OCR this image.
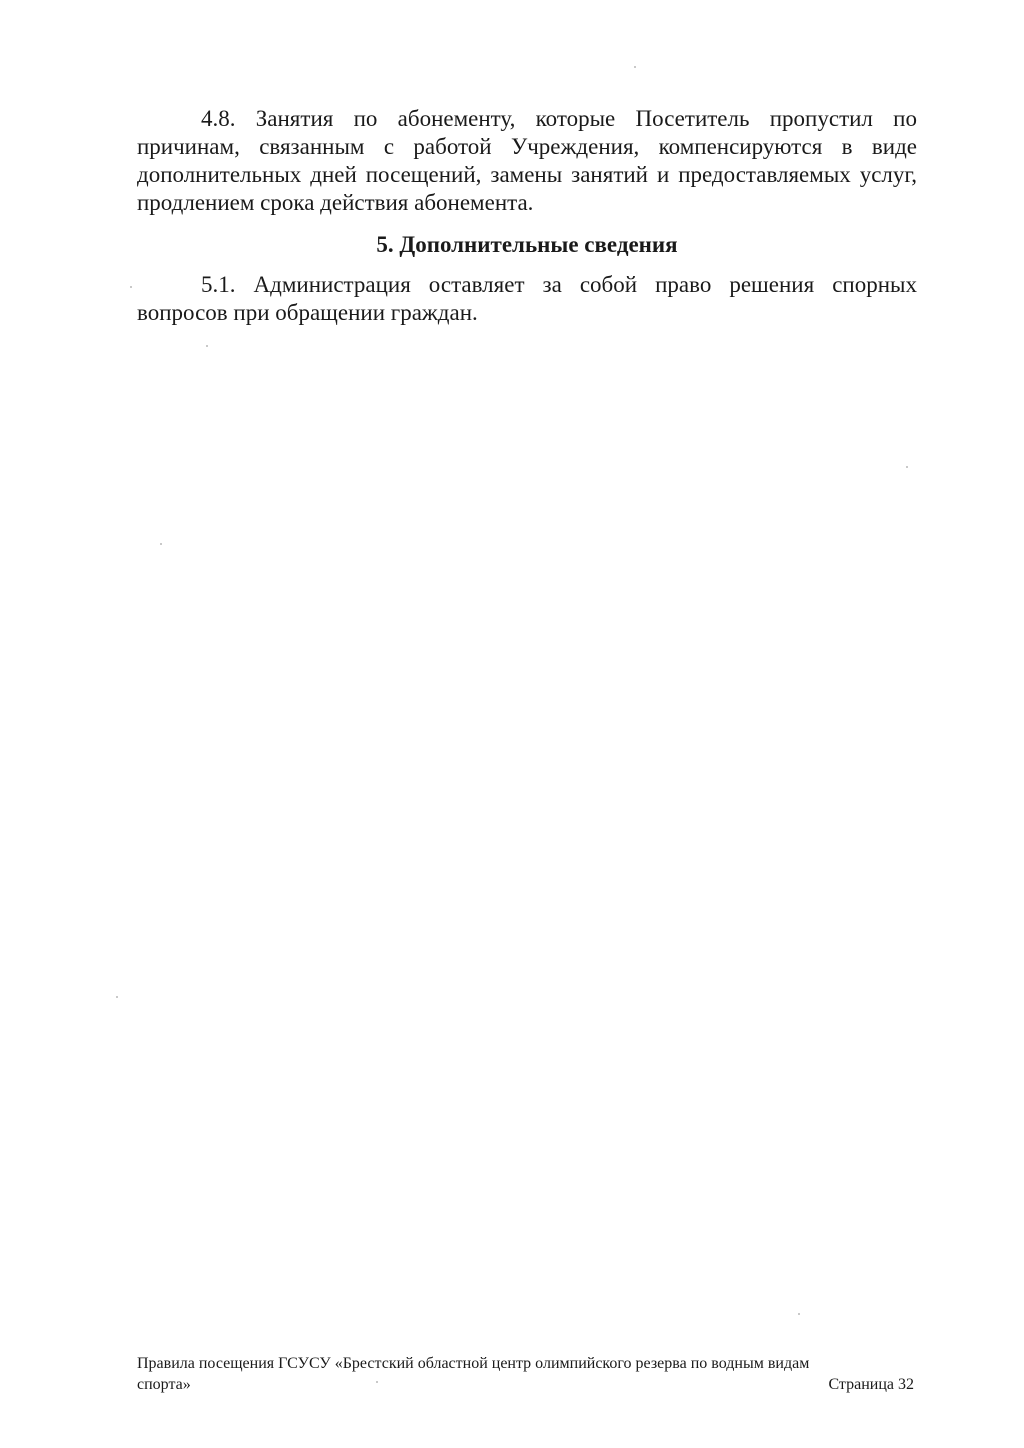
4.8. Занятия по абонементу, которые Посетитель пропустил по причинам, связанным с работой Учреждения, компенсируются в виде дополнительных дней посещений, замены занятий и предоставляемых услуг, продлением срока действия абонемента.

5. Дополнительные сведения

5.1. Администрация оставляет за собой право решения спорных вопросов при обращении граждан.

Правила посещения ГСУСУ «Брестский областной центр олимпийского резерва по водным видам

спорта»	Страница 32
